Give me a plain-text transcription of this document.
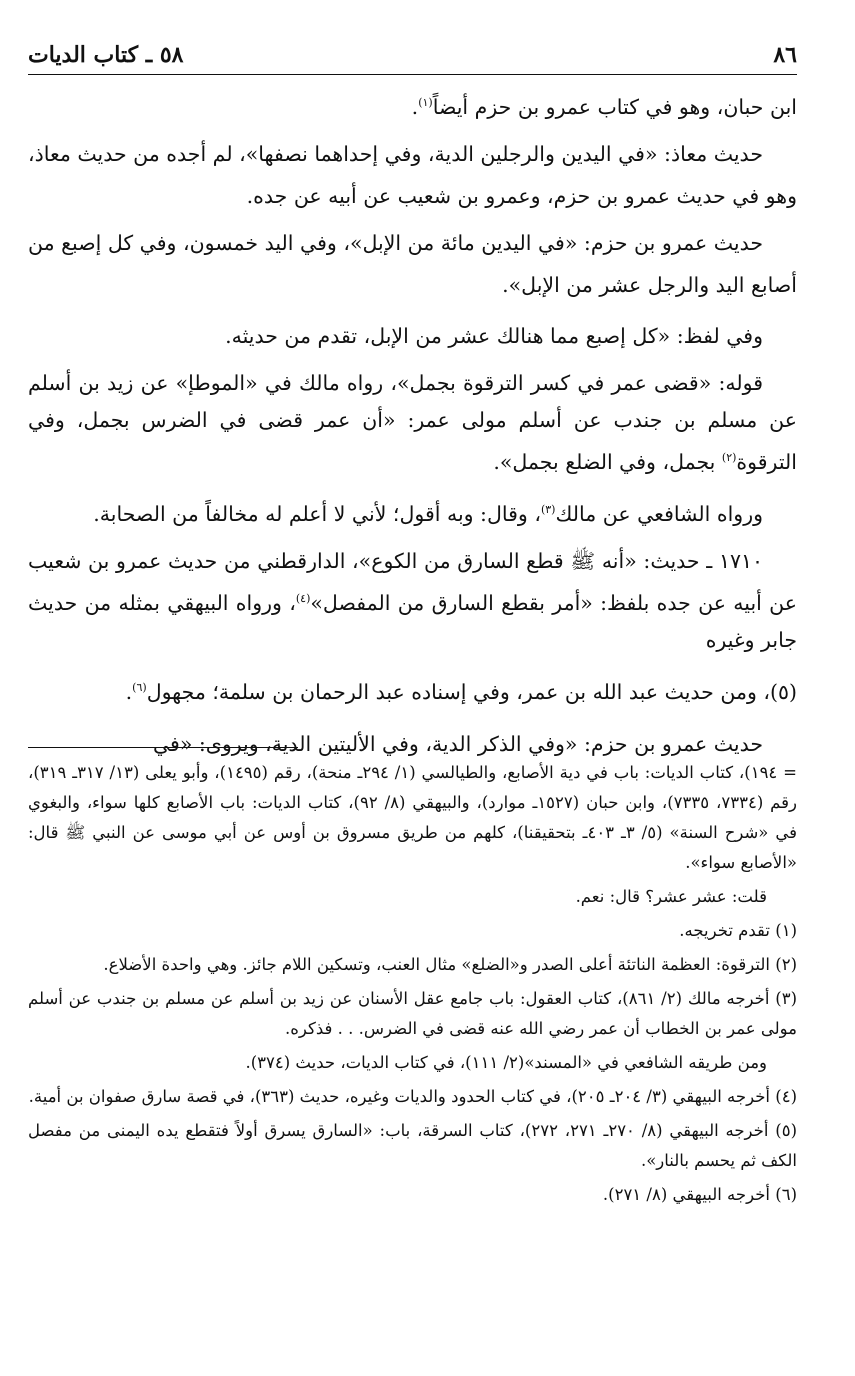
٨٦
٥٨ ـ كتاب الديات

ابن حبان، وهو في كتاب عمرو بن حزم أيضاً$^{(١)}$.

حديث معاذ: «في اليدين والرجلين الدية، وفي إحداهما نصفها»، لم أجده من حديث معاذ، وهو في حديث عمرو بن حزم، وعمرو بن شعيب عن أبيه عن جده.

حديث عمرو بن حزم: «في اليدين مائة من الإبل»، وفي اليد خمسون، وفي كل إصبع من أصابع اليد والرجل عشر من الإبل».

وفي لفظ: «كل إصبع مما هنالك عشر من الإبل، تقدم من حديثه.

قوله: «قضى عمر في كسر الترقوة بجمل»، رواه مالك في «الموطإ» عن زيد بن أسلم عن مسلم بن جندب عن أسلم مولى عمر: «أن عمر قضى في الضرس بجمل، وفي الترقوة$^{(٢)}$ بجمل، وفي الضلع بجمل».

ورواه الشافعي عن مالك$^{(٣)}$، وقال: وبه أقول؛ لأني لا أعلم له مخالفاً من الصحابة.

١٧١٠ ـ حديث: «أنه ﷺ قطع السارق من الكوع»، الدارقطني من حديث عمرو بن شعيب عن أبيه عن جده بلفظ: «أمر بقطع السارق من المفصل»$^{(٤)}$، ورواه البيهقي بمثله من حديث جابر وغيره

(٥)، ومن حديث عبد الله بن عمر، وفي إسناده عبد الرحمان بن سلمة؛ مجهول$^{(٦)}$.

حديث عمرو بن حزم: «وفي الذكر الدية، وفي الأليتين الدية، ويروى: «في

= ١٩٤)، كتاب الديات: باب في دية الأصابع، والطيالسي (١/ ٢٩٤ـ منحة)، رقم (١٤٩٥)، وأبو يعلى (١٣/ ٣١٧ـ ٣١٩)، رقم (٧٣٣٤، ٧٣٣٥)، وابن حبان (١٥٢٧ـ موارد)، والبيهقي (٨/ ٩٢)، كتاب الديات: باب الأصابع كلها سواء، والبغوي في «شرح السنة» (٥/ ٣ـ ٤٠٣ـ بتحقيقنا)، كلهم من طريق مسروق بن أوس عن أبي موسى عن النبي ﷺ قال: «الأصابع سواء».

قلت: عشر عشر؟ قال: نعم.

(١) تقدم تخريجه.

(٢) الترقوة: العظمة الناتئة أعلى الصدر و«الضلع» مثال العنب، وتسكين اللام جائز. وهي واحدة الأضلاع.

(٣) أخرجه مالك (٢/ ٨٦١)، كتاب العقول: باب جامع عقل الأسنان عن زيد بن أسلم عن مسلم بن جندب عن أسلم مولى عمر بن الخطاب أن عمر رضي الله عنه قضى في الضرس. . . فذكره.

ومن طريقه الشافعي في «المسند»(٢/ ١١١)، في كتاب الديات، حديث (٣٧٤).

(٤) أخرجه البيهقي (٣/ ٢٠٤ـ ٢٠٥)، في كتاب الحدود والديات وغيره، حديث (٣٦٣)، في قصة سارق صفوان بن أمية.

(٥) أخرجه البيهقي (٨/ ٢٧٠ـ ٢٧١، ٢٧٢)، كتاب السرقة، باب: «السارق يسرق أولاً فتقطع يده اليمنى من مفصل الكف ثم يحسم بالنار».

(٦) أخرجه البيهقي (٨/ ٢٧١).
